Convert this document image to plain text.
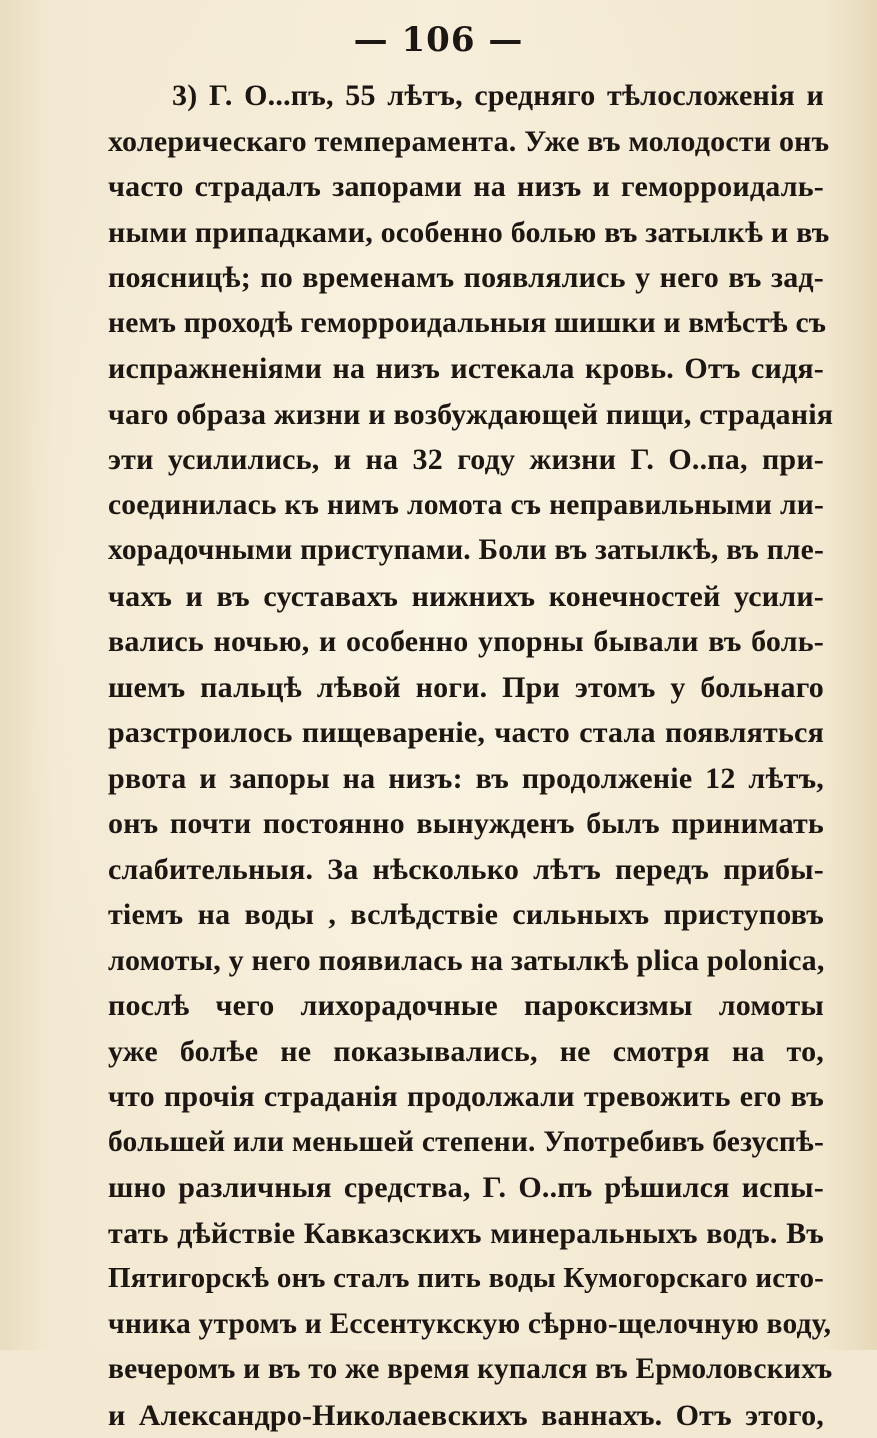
— 106 —
3) Г. О...пъ, 55 лѣтъ, средняго тѣлосложенія и
холерическаго темперамента. Уже въ молодости онъ
часто страдалъ запорами на низъ и геморроидаль-
ными припадками, особенно болью въ затылкѣ и въ
поясницѣ; по временамъ появлялись у него въ зад-
немъ проходѣ геморроидальныя шишки и вмѣстѣ съ
испражненіями на низъ истекала кровь. Отъ сидя-
чаго образа жизни и возбуждающей пищи, страданія
эти усилились, и на 32 году жизни Г. О..па, при-
соединилась къ нимъ ломота съ неправильными ли-
хорадочными приступами. Боли въ затылкѣ, въ пле-
чахъ и въ суставахъ нижнихъ конечностей усили-
вались ночью, и особенно упорны бывали въ боль-
шемъ пальцѣ лѣвой ноги. При этомъ у больнаго
разстроилось пищевареніе, часто стала появляться
рвота и запоры на низъ: въ продолженіе 12 лѣтъ,
онъ почти постоянно вынужденъ былъ принимать
слабительныя. За нѣсколько лѣтъ передъ прибы-
тіемъ на воды , вслѣдствіе сильныхъ приступовъ
ломоты, у него появилась на затылкѣ plica polonica,
послѣ чего лихорадочные пароксизмы ломоты
уже болѣе не показывались, не смотря на то,
что прочія страданія продолжали тревожить его въ
большей или меньшей степени. Употребивъ безуспѣ-
шно различныя средства, Г. О..пъ рѣшился испы-
тать дѣйствіе Кавказскихъ минеральныхъ водъ. Въ
Пятигорскѣ онъ сталъ пить воды Кумогорскаго исто-
чника утромъ и Ессентукскую сѣрно-щелочную воду,
вечеромъ и въ то же время купался въ Ермоловскихъ
и Александро-Николаевскихъ ваннахъ. Отъ этого,
